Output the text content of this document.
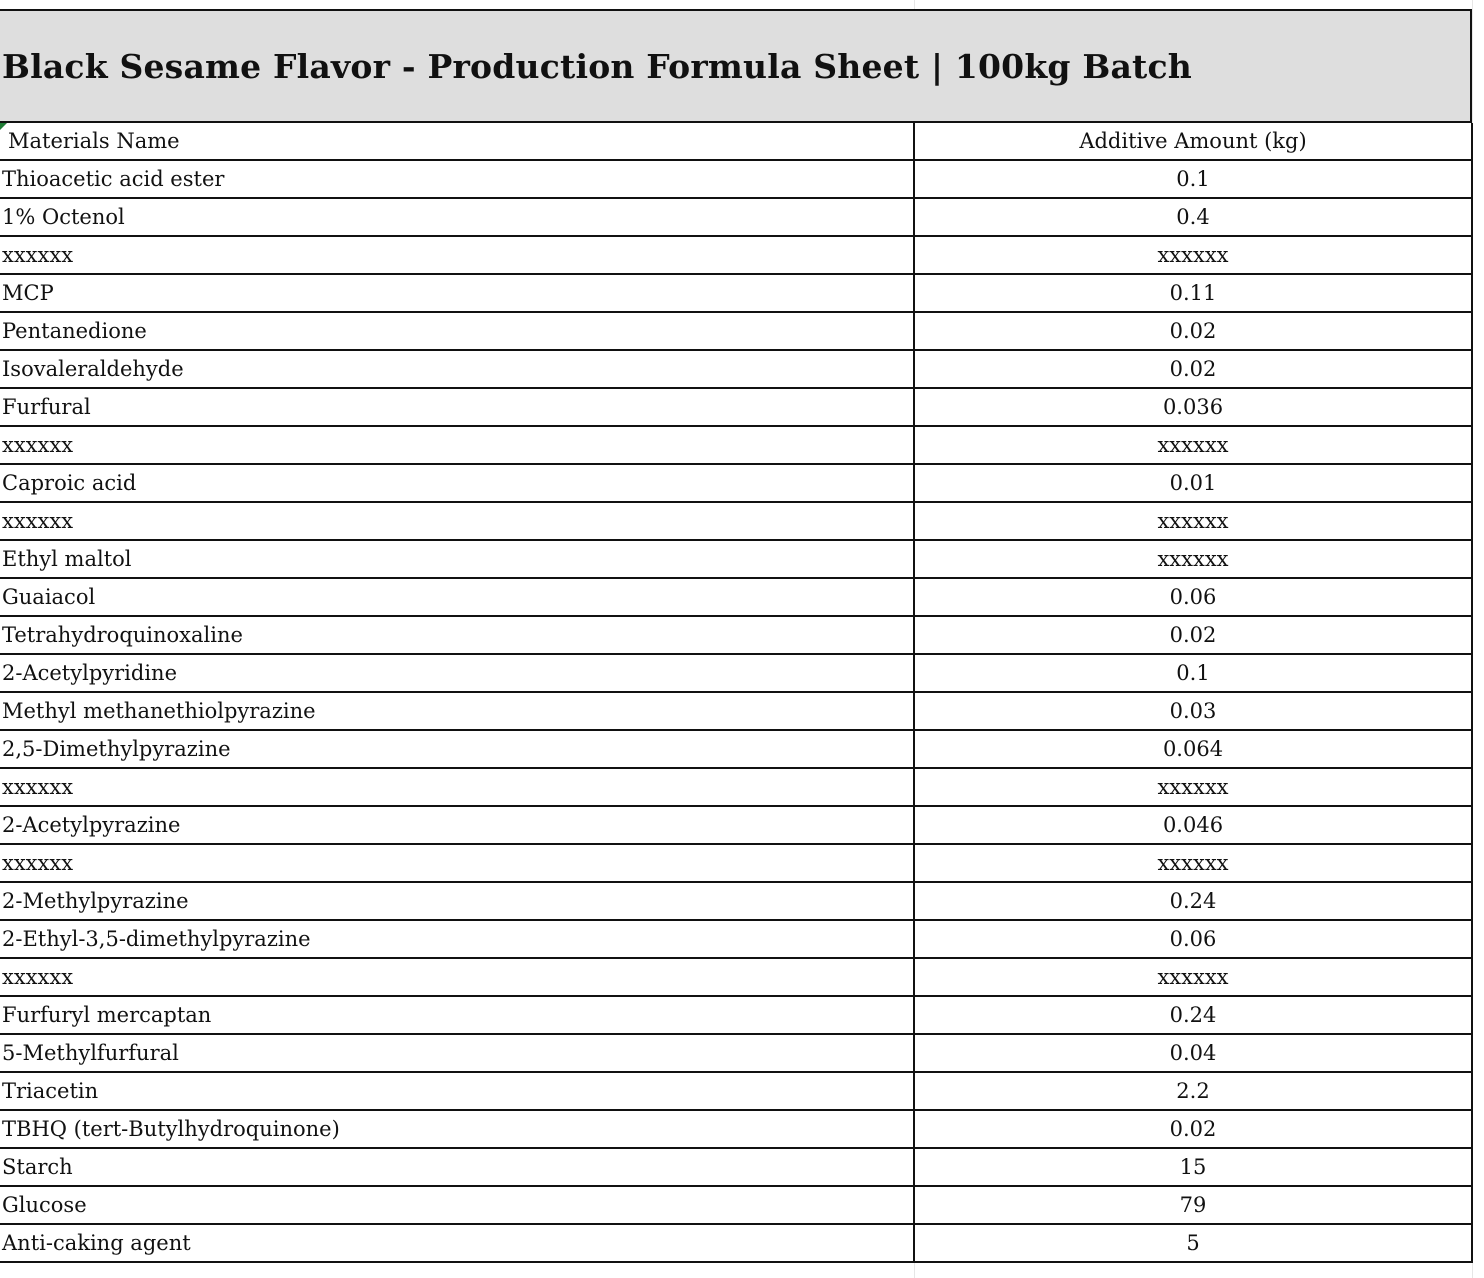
Black Sesame Flavor - Production Formula Sheet | 100kg Batch
Materials Name	Additive Amount (kg)
Thioacetic acid ester	0.1
1% Octenol	0.4
xxxxxx	xxxxxx
MCP	0.11
Pentanedione	0.02
Isovaleraldehyde	0.02
Furfural	0.036
xxxxxx	xxxxxx
Caproic acid	0.01
xxxxxx	xxxxxx
Ethyl maltol	xxxxxx
Guaiacol	0.06
Tetrahydroquinoxaline	0.02
2-Acetylpyridine	0.1
Methyl methanethiolpyrazine	0.03
2,5-Dimethylpyrazine	0.064
xxxxxx	xxxxxx
2-Acetylpyrazine	0.046
xxxxxx	xxxxxx
2-Methylpyrazine	0.24
2-Ethyl-3,5-dimethylpyrazine	0.06
xxxxxx	xxxxxx
Furfuryl mercaptan	0.24
5-Methylfurfural	0.04
Triacetin	2.2
TBHQ (tert-Butylhydroquinone)	0.02
Starch	15
Glucose	79
Anti-caking agent	5
